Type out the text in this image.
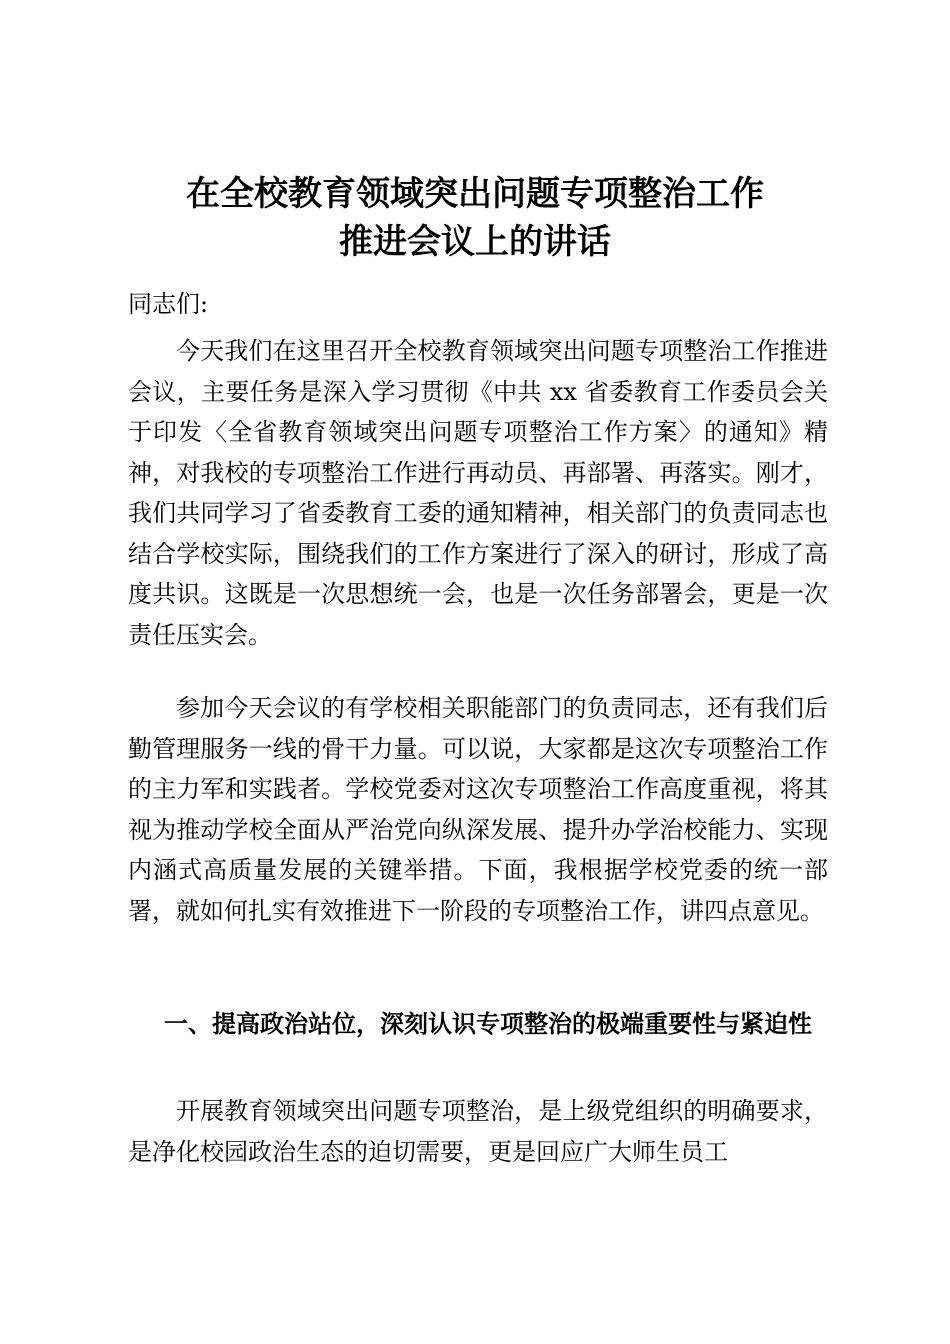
在全校教育领域突出问题专项整治工作
推进会议上的讲话

同志们:

今天我们在这里召开全校教育领域突出问题专项整治工作推进会议，主要任务是深入学习贯彻《中共 xx 省委教育工作委员会关于印发〈全省教育领域突出问题专项整治工作方案〉的通知》精神，对我校的专项整治工作进行再动员、再部署、再落实。刚才，我们共同学习了省委教育工委的通知精神，相关部门的负责同志也结合学校实际，围绕我们的工作方案进行了深入的研讨，形成了高度共识。这既是一次思想统一会，也是一次任务部署会，更是一次责任压实会。

参加今天会议的有学校相关职能部门的负责同志，还有我们后勤管理服务一线的骨干力量。可以说，大家都是这次专项整治工作的主力军和实践者。学校党委对这次专项整治工作高度重视，将其视为推动学校全面从严治党向纵深发展、提升办学治校能力、实现内涵式高质量发展的关键举措。下面，我根据学校党委的统一部署，就如何扎实有效推进下一阶段的专项整治工作，讲四点意见。

一、提高政治站位，深刻认识专项整治的极端重要性与紧迫性

开展教育领域突出问题专项整治，是上级党组织的明确要求，是净化校园政治生态的迫切需要，更是回应广大师生员工
